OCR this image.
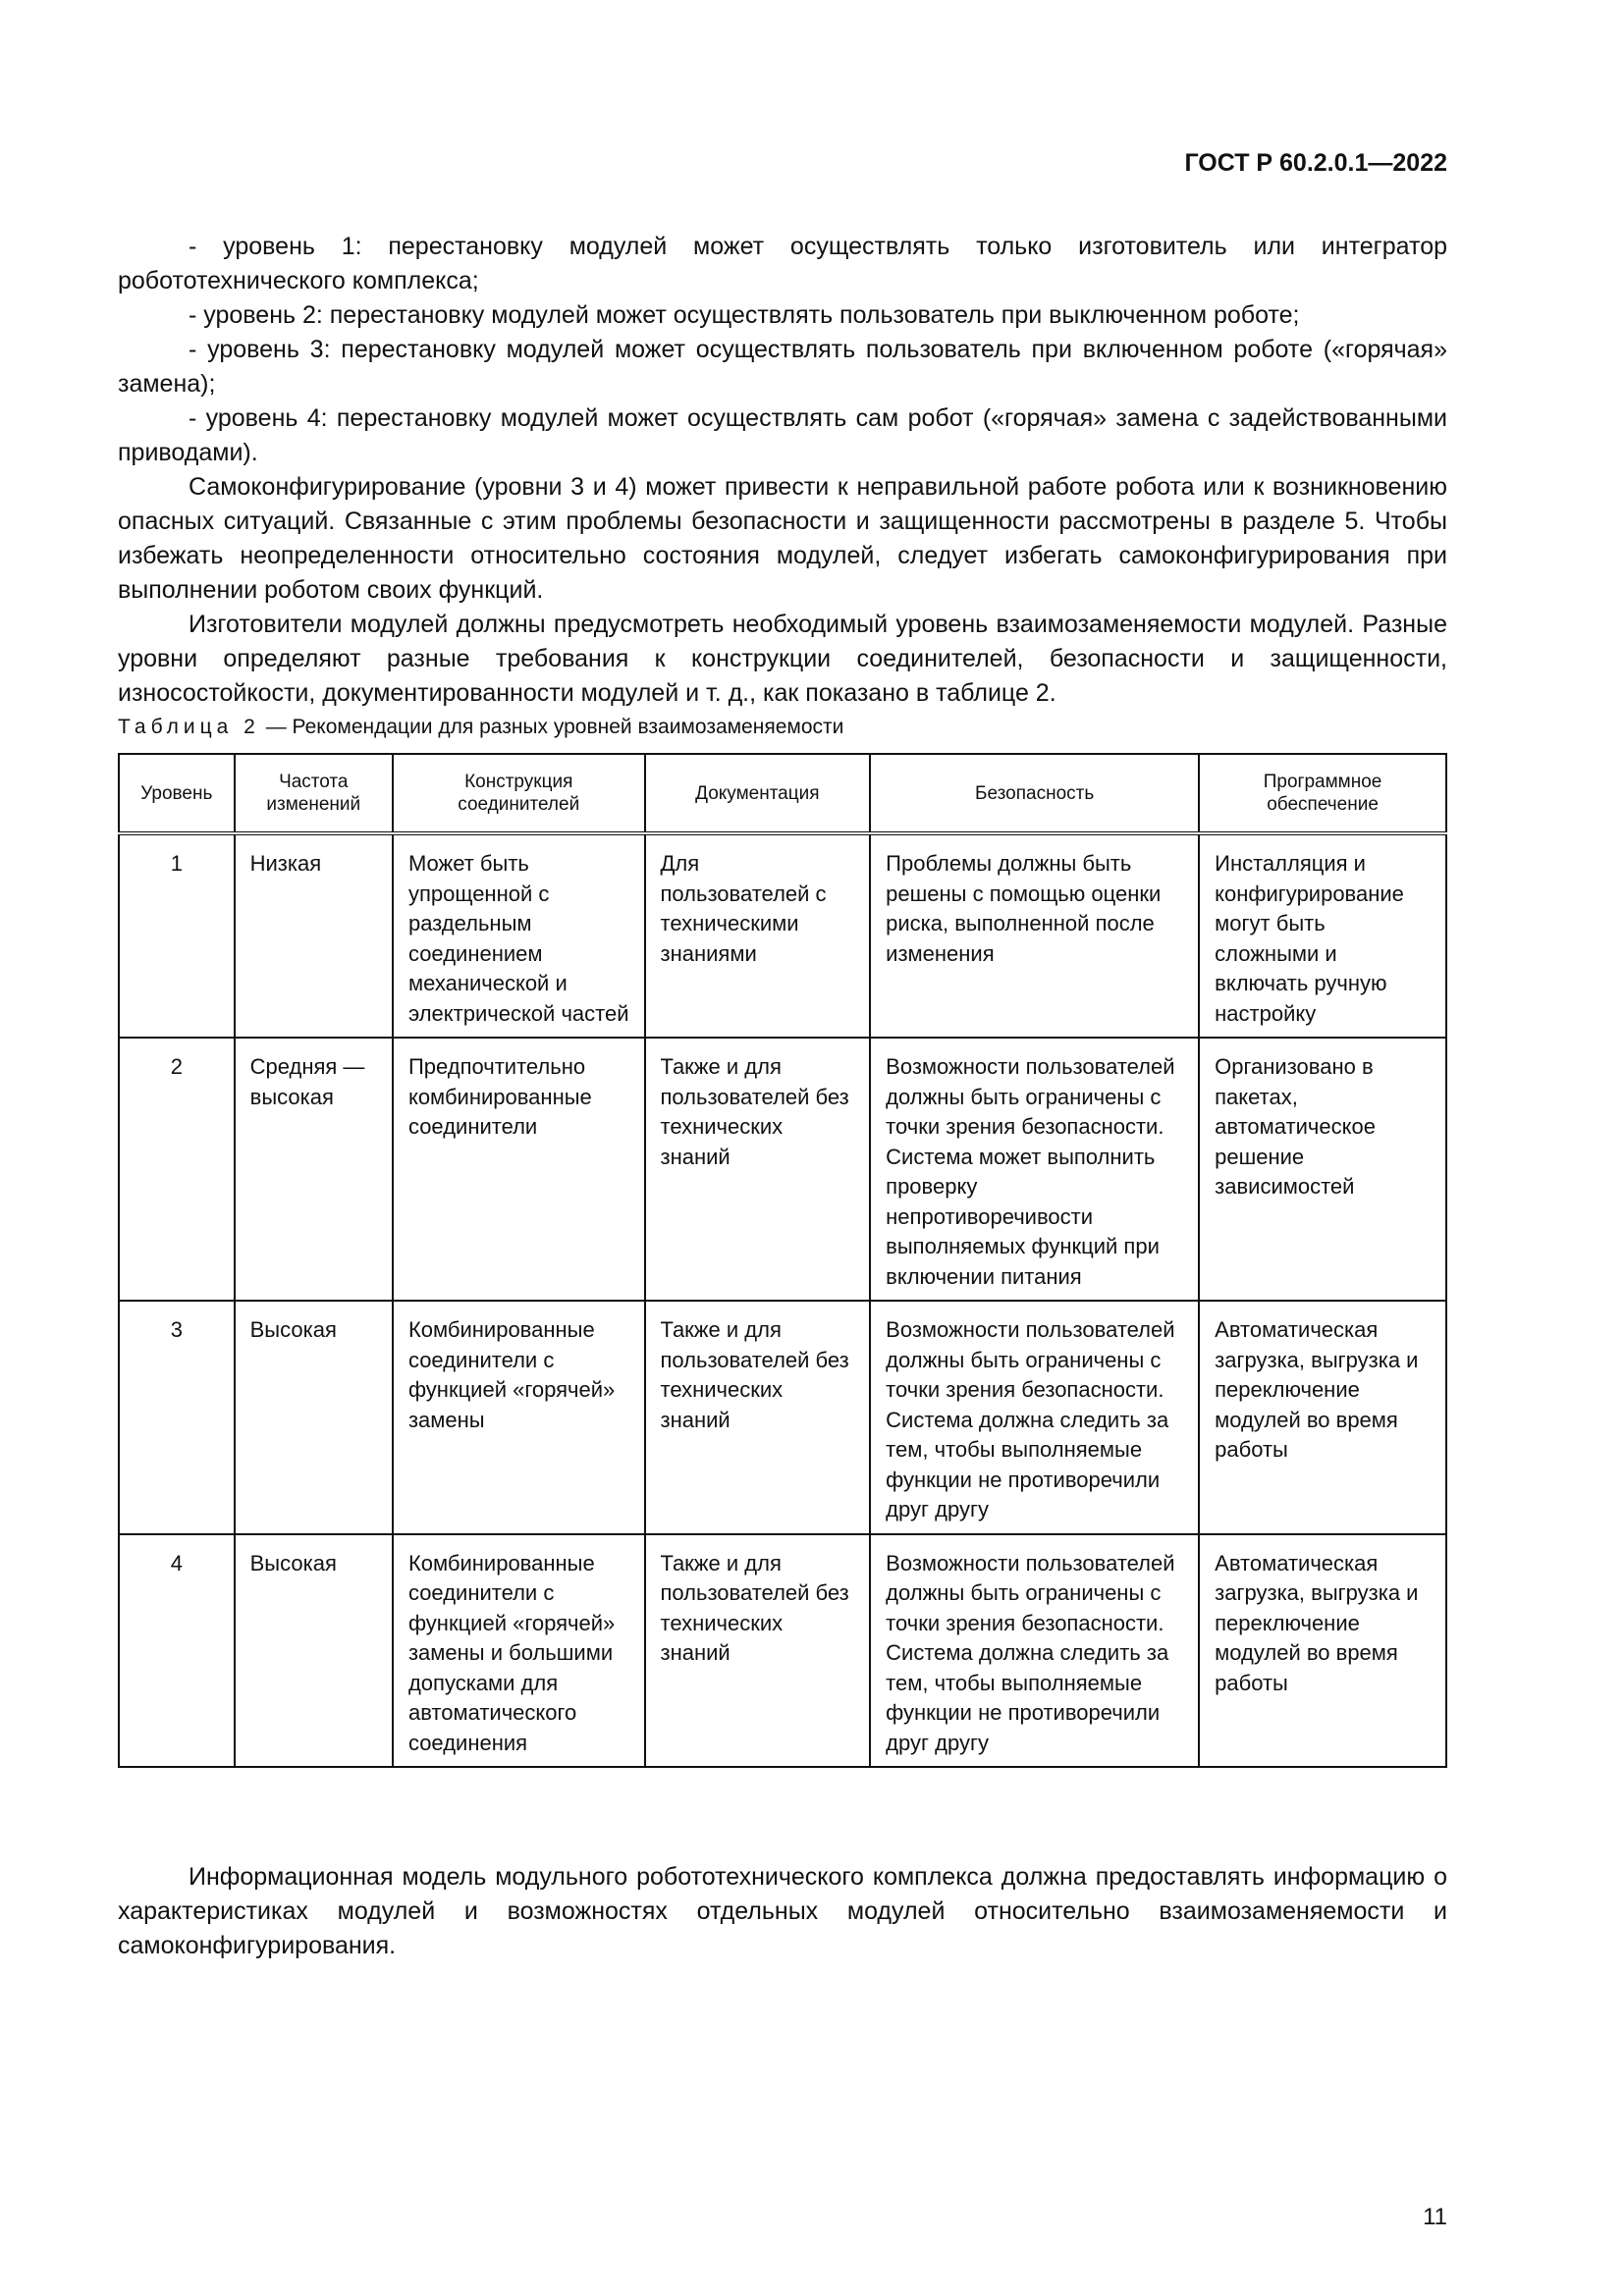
ГОСТ Р 60.2.0.1—2022

- уровень 1: перестановку модулей может осуществлять только изготовитель или интегратор робототехнического комплекса;

- уровень 2: перестановку модулей может осуществлять пользователь при выключенном роботе;

- уровень 3: перестановку модулей может осуществлять пользователь при включенном роботе («горячая» замена);

- уровень 4: перестановку модулей может осуществлять сам робот («горячая» замена с задействованными приводами).

Самоконфигурирование (уровни 3 и 4) может привести к неправильной работе робота или к возникновению опасных ситуаций. Связанные с этим проблемы безопасности и защищенности рассмотрены в разделе 5. Чтобы избежать неопределенности относительно состояния модулей, следует избегать самоконфигурирования при выполнении роботом своих функций.

Изготовители модулей должны предусмотреть необходимый уровень взаимозаменяемости модулей. Разные уровни определяют разные требования к конструкции соединителей, безопасности и защищенности, износостойкости, документированности модулей и т. д., как показано в таблице 2.

Таблица 2 — Рекомендации для разных уровней взаимозаменяемости
Уровень	Частота изменений	Конструкция соединителей	Документация	Безопасность	Программное обеспечение
1	Низкая	Может быть упрощенной с раздельным соединением механической и электрической частей	Для пользователей с техническими знаниями	Проблемы должны быть решены с помощью оценки риска, выполненной после изменения	Инсталляция и конфигурирование могут быть сложными и включать ручную настройку
2	Средняя — высокая	Предпочтительно комбинированные соединители	Также и для пользователей без технических знаний	Возможности пользователей должны быть ограничены с точки зрения безопасности. Система может выполнить проверку непротиворечивости выполняемых функций при включении питания	Организовано в пакетах, автоматическое решение зависимостей
3	Высокая	Комбинированные соединители с функцией «горячей» замены	Также и для пользователей без технических знаний	Возможности пользователей должны быть ограничены с точки зрения безопасности. Система должна следить за тем, чтобы выполняемые функции не противоречили друг другу	Автоматическая загрузка, выгрузка и переключение модулей во время работы
4	Высокая	Комбинированные соединители с функцией «горячей» замены и большими допусками для автоматического соединения	Также и для пользователей без технических знаний	Возможности пользователей должны быть ограничены с точки зрения безопасности. Система должна следить за тем, чтобы выполняемые функции не противоречили друг другу	Автоматическая загрузка, выгрузка и переключение модулей во время работы

Информационная модель модульного робототехнического комплекса должна предоставлять информацию о характеристиках модулей и возможностях отдельных модулей относительно взаимозаменяемости и самоконфигурирования.

11
